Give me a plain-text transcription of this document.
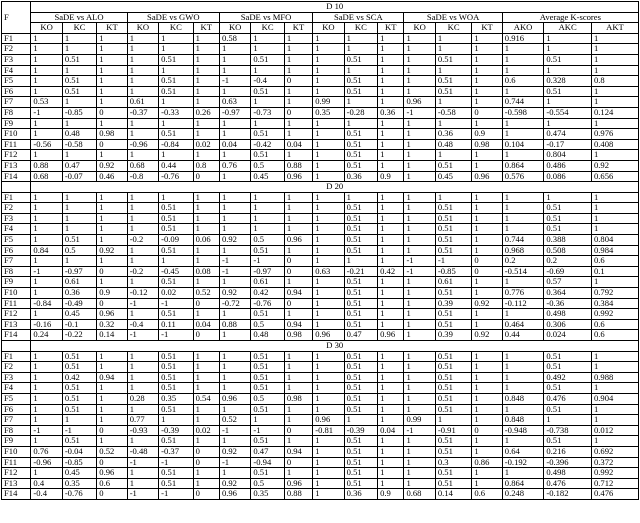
F	D 10																	
	SaDE vs ALO			SaDE vs GWO			SaDE vs MFO			SaDE vs SCA			SaDE vs WOA			Average K-scores		
	KO	KC	KT	KO	KC	KT	KO	KC	KT	KO	KC	KT	KO	KC	KT	AKO	AKC	AKT
F1	1	1	1	1	1	1	0.58	1	1	1	1	1	1	1	1	0.916	1	1
F2	1	1	1	1	1	1	1	1	1	1	1	1	1	1	1	1	1	1
F3	1	0.51	1	1	0.51	1	1	0.51	1	1	0.51	1	1	0.51	1	1	0.51	1
F4	1	1	1	1	1	1	1	1	1	1	1	1	1	1	1	1	1	1
F5	1	0.51	1	1	0.51	1	-1	-0.4	0	1	0.51	1	1	0.51	1	0.6	0.328	0.8
F6	1	0.51	1	1	0.51	1	1	0.51	1	1	0.51	1	1	0.51	1	1	0.51	1
F7	0.53	1	1	0.61	1	1	0.63	1	1	0.99	1	1	0.96	1	1	0.744	1	1
F8	-1	-0.85	0	-0.37	-0.33	0.26	-0.97	-0.73	0	0.35	-0.28	0.36	-1	-0.58	0	-0.598	-0.554	0.124
F9	1	1	1	1	1	1	1	1	1	1	1	1	1	1	1	1	1	1
F10	1	0.48	0.98	1	0.51	1	1	0.51	1	1	0.51	1	1	0.36	0.9	1	0.474	0.976
F11	-0.56	-0.58	0	-0.96	-0.84	0.02	0.04	-0.42	0.04	1	0.51	1	1	0.48	0.98	0.104	-0.17	0.408
F12	1	1	1	1	1	1	1	0.51	1	1	0.51	1	1	1	1	1	0.804	1
F13	0.88	0.47	0.92	0.68	0.44	0.8	0.76	0.5	0.88	1	0.51	1	1	0.51	1	0.864	0.486	0.92
F14	0.68	-0.07	0.46	-0.8	-0.76	0	1	0.45	0.96	1	0.36	0.9	1	0.45	0.96	0.576	0.086	0.656
	D 20																	
F1	1	1	1	1	1	1	1	1	1	1	1	1	1	1	1	1	1	1
F2	1	1	1	1	0.51	1	1	1	1	1	0.51	1	1	0.51	1	1	0.51	1
F3	1	1	1	1	0.51	1	1	1	1	1	0.51	1	1	0.51	1	1	0.51	1
F4	1	1	1	1	0.51	1	1	1	1	1	0.51	1	1	0.51	1	1	0.51	1
F5	1	0.51	1	-0.2	-0.09	0.06	0.92	0.5	0.96	1	0.51	1	1	0.51	1	0.744	0.388	0.804
F6	0.84	0.5	0.92	1	0.51	1	1	0.51	1	1	0.51	1	1	0.51	1	0.968	0.508	0.984
F7	1	1	1	1	1	1	-1	-1	0	1	1	1	-1	-1	0	0.2	0.2	0.6
F8	-1	-0.97	0	-0.2	-0.45	0.08	-1	-0.97	0	0.63	-0.21	0.42	-1	-0.85	0	-0.514	-0.69	0.1
F9	1	0.61	1	1	0.51	1	1	0.61	1	1	0.51	1	1	0.61	1	1	0.57	1
F10	1	0.36	0.9	-0.12	0.02	0.52	0.92	0.42	0.94	1	0.51	1	1	0.51	1	0.776	0.364	0.792
F11	-0.84	-0.49	0	-1	-1	0	-0.72	-0.76	0	1	0.51	1	1	0.39	0.92	-0.112	-0.36	0.384
F12	1	0.45	0.96	1	0.51	1	1	0.51	1	1	0.51	1	1	0.51	1	1	0.498	0.992
F13	-0.16	-0.1	0.32	-0.4	0.11	0.04	0.88	0.5	0.94	1	0.51	1	1	0.51	1	0.464	0.306	0.6
F14	0.24	-0.22	0.14	-1	-1	0	1	0.48	0.98	0.96	0.47	0.96	1	0.39	0.92	0.44	0.024	0.6
	D 30																	
F1	1	0.51	1	1	0.51	1	1	0.51	1	1	0.51	1	1	0.51	1	1	0.51	1
F2	1	0.51	1	1	0.51	1	1	0.51	1	1	0.51	1	1	0.51	1	1	0.51	1
F3	1	0.42	0.94	1	0.51	1	1	0.51	1	1	0.51	1	1	0.51	1	1	0.492	0.988
F4	1	0.51	1	1	0.51	1	1	0.51	1	1	0.51	1	1	0.51	1	1	0.51	1
F5	1	0.51	1	0.28	0.35	0.54	0.96	0.5	0.98	1	0.51	1	1	0.51	1	0.848	0.476	0.904
F6	1	0.51	1	1	0.51	1	1	0.51	1	1	0.51	1	1	0.51	1	1	0.51	1
F7	1	1	1	0.77	1	1	0.52	1	1	0.96	1	1	0.99	1	1	0.848	1	1
F8	-1	-1	0	-0.93	-0.39	0.02	-1	-1	0	-0.81	-0.39	0.04	-1	-0.91	0	-0.948	-0.738	0.012
F9	1	0.51	1	1	0.51	1	1	0.51	1	1	0.51	1	1	0.51	1	1	0.51	1
F10	0.76	-0.04	0.52	-0.48	-0.37	0	0.92	0.47	0.94	1	0.51	1	1	0.51	1	0.64	0.216	0.692
F11	-0.96	-0.85	0	-1	-1	0	-1	-0.94	0	1	0.51	1	1	0.3	0.86	-0.192	-0.396	0.372
F12	1	0.45	0.96	1	0.51	1	1	0.51	1	1	0.51	1	1	0.51	1	1	0.498	0.992
F13	0.4	0.35	0.6	1	0.51	1	0.92	0.5	0.96	1	0.51	1	1	0.51	1	0.864	0.476	0.712
F14	-0.4	-0.76	0	-1	-1	0	0.96	0.35	0.88	1	0.36	0.9	0.68	0.14	0.6	0.248	-0.182	0.476
